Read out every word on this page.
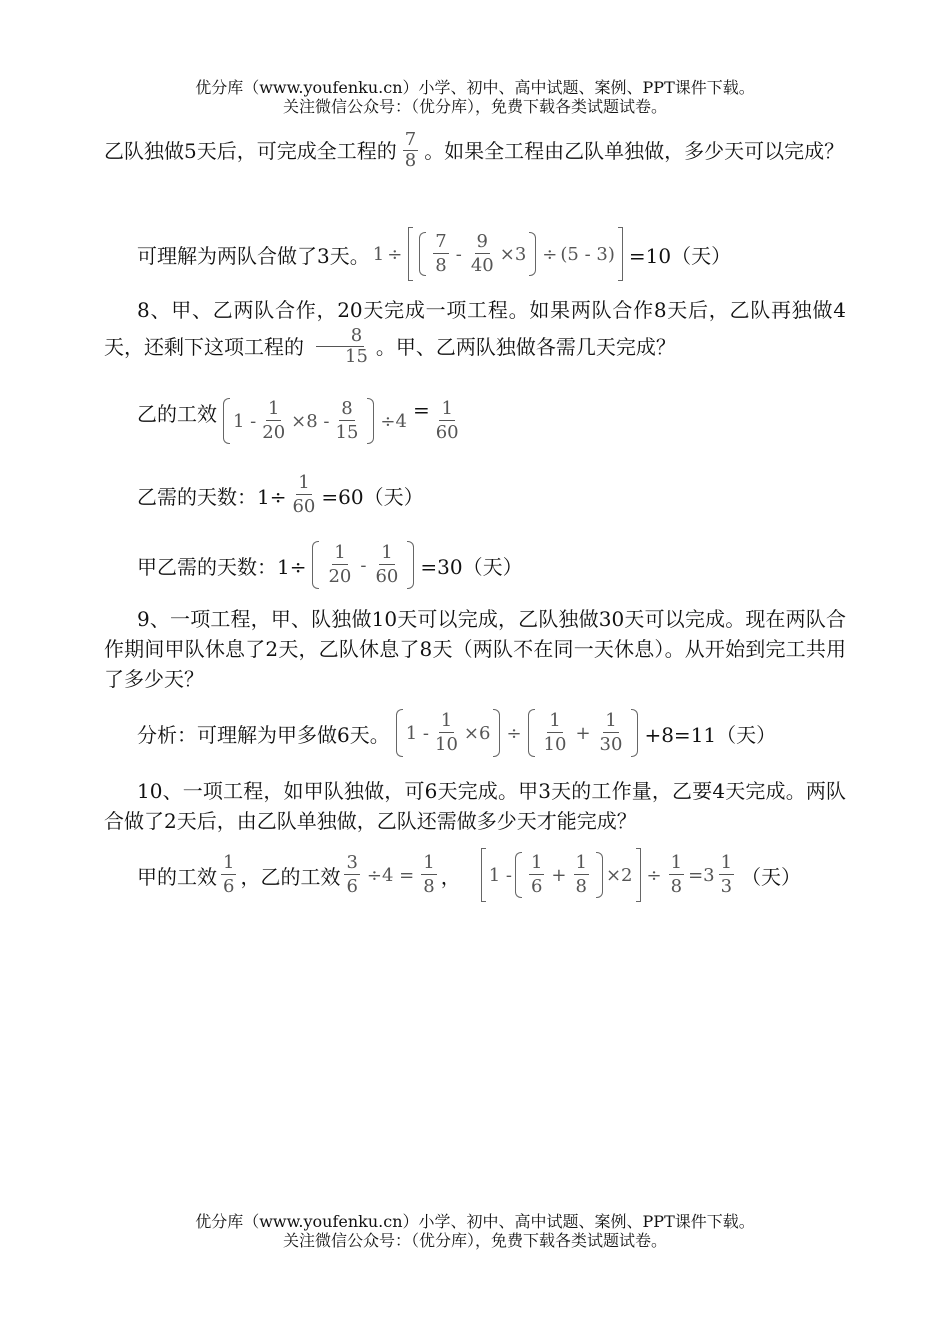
优分库（www.youfenku.cn）小学、初中、高中试题、案例、PPT课件下载。
关注微信公众号：（优分库），免费下载各类试题试卷。
乙队独做5天后，可完成全工程的 $\frac{7}{8}$ 。如果全工程由乙队单独做，多少天可以完成？
可理解为两队合做了3天。 $1 \div \frac{7}{8} - \frac{9}{40} \times 3 \div (5 - 3) =10$（天）
8、甲、乙两队合作，20天完成一项工程。如果两队合作8天后，乙队再独做4天，还剩下这项工程的 $\frac{8}{15}$ 。甲、乙两队独做各需几天完成？
乙的工效 $1 - \frac{1}{20} \times 8 - \frac{8}{15} \div 4 = \frac{1}{60}$
乙需的天数：$1\div \frac{1}{60} =60$（天）
甲乙需的天数：$1\div \frac{1}{20} - \frac{1}{60} =30$（天）
9、一项工程，甲、队独做10天可以完成，乙队独做30天可以完成。现在两队合作期间甲队休息了2天，乙队休息了8天（两队不在同一天休息）。从开始到完工共用了多少天？
分析：可理解为甲多做6天。 $1 - \frac{1}{10} \times 6 \div \frac{1}{10} + \frac{1}{30} +8=11$（天）
10、一项工程，如甲队独做，可6天完成。甲3天的工作量，乙要4天完成。两队合做了2天后，由乙队单独做，乙队还需做多少天才能完成？
甲的工效 $\frac{1}{6}$ ，乙的工效 $\frac{3}{6} \div 4 = \frac{1}{8}$ ， $1 - \frac{1}{6} + \frac{1}{8} \times 2 \div \frac{1}{8} =3 \frac{1}{3}$ （天）
优分库（www.youfenku.cn）小学、初中、高中试题、案例、PPT课件下载。
关注微信公众号：（优分库），免费下载各类试题试卷。
